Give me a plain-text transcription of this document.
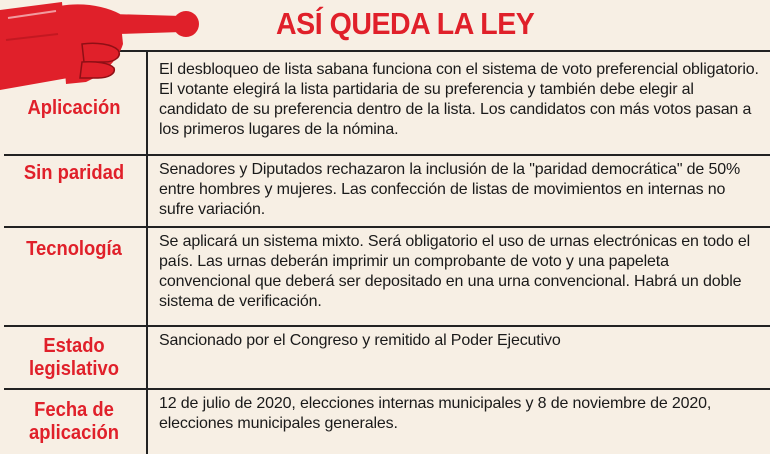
ASÍ QUEDA LA LEY
Aplicación
El desbloqueo de lista sabana funciona con el sistema de voto preferencial obligatorio. El votante elegirá la lista partidaria de su preferencia y también debe elegir al candidato de su preferencia dentro de la lista. Los candidatos con más votos pasan a los primeros lugares de la nómina.
Sin paridad	Senadores y Diputados rechazaron la inclusión de la "paridad democrática" de 50% entre hombres y mujeres. Las confección de listas de movimientos en internas no sufre variación.
Tecnología	Se aplicará un sistema mixto. Será obligatorio el uso de urnas electrónicas en todo el país. Las urnas deberán imprimir un comprobante de voto y una papeleta convencional que deberá ser depositado en una urna convencional. Habrá un doble sistema de verificación.
Estado legislativo
Sancionado por el Congreso y remitido al Poder Ejecutivo
Fecha de aplicación
12 de julio de 2020, elecciones internas municipales y 8 de noviembre de 2020, elecciones municipales generales.
